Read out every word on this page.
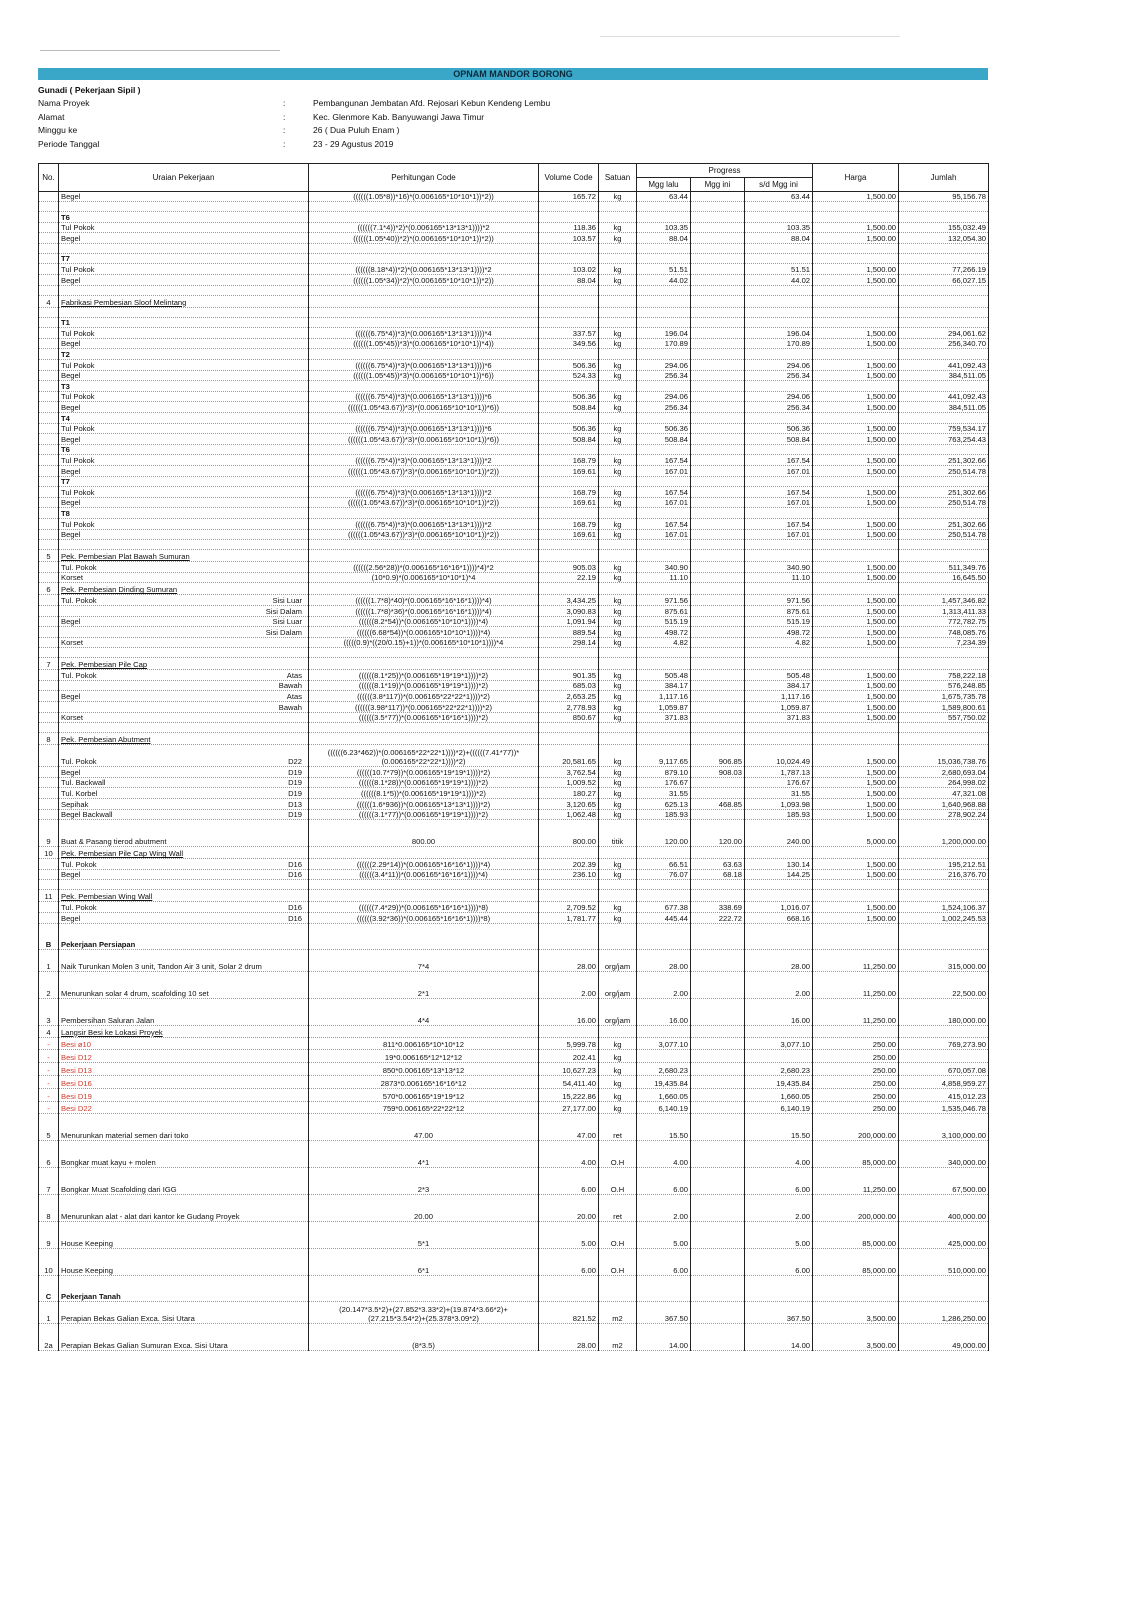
OPNAM MANDOR BORONG
Gunadi ( Pekerjaan Sipil )
Nama Proyek	:	Pembangunan Jembatan Afd. Rejosari Kebun Kendeng Lembu
Alamat	:	Kec. Glenmore Kab. Banyuwangi Jawa Timur
Minggu ke	:	26 ( Dua Puluh Enam )
Periode Tanggal	:	23 - 29 Agustus 2019
No.	Uraian Pekerjaan	Perhitungan Code	Volume Code	Satuan	Progress			Harga	Jumlah
					Mgg lalu	Mgg ini	s/d Mgg ini		

	Begel	((((((1.05*8))*16)*(0.006165*10*10*1))*2))	165.72	kg	63.44		63.44	1,500.00	95,156.78

	T6								

	Tul Pokok	((((((7.1*4))*2)*(0.006165*13*13*1))))*2	118.36	kg	103.35		103.35	1,500.00	155,032.49

	Begel	((((((1.05*40))*2)*(0.006165*10*10*1))*2))	103.57	kg	88.04		88.04	1,500.00	132,054.30

	T7								

	Tul Pokok	((((((8.18*4))*2)*(0.006165*13*13*1))))*2	103.02	kg	51.51		51.51	1,500.00	77,266.19

	Begel	((((((1.05*34))*2)*(0.006165*10*10*1))*2))	88.04	kg	44.02		44.02	1,500.00	66,027.15

4	Fabrikasi Pembesian Sloof Melintang								

	T1								

	Tul Pokok	((((((6.75*4))*3)*(0.006165*13*13*1))))*4	337.57	kg	196.04		196.04	1,500.00	294,061.62

	Begel	((((((1.05*45))*3)*(0.006165*10*10*1))*4))	349.56	kg	170.89		170.89	1,500.00	256,340.70

	T2								

	Tul Pokok	((((((6.75*4))*3)*(0.006165*13*13*1))))*6	506.36	kg	294.06		294.06	1,500.00	441,092.43

	Begel	((((((1.05*45))*3)*(0.006165*10*10*1))*6))	524.33	kg	256.34		256.34	1,500.00	384,511.05

	T3								

	Tul Pokok	((((((6.75*4))*3)*(0.006165*13*13*1))))*6	506.36	kg	294.06		294.06	1,500.00	441,092.43

	Begel	((((((1.05*43.67))*3)*(0.006165*10*10*1))*6))	508.84	kg	256.34		256.34	1,500.00	384,511.05

	T4								

	Tul Pokok	((((((6.75*4))*3)*(0.006165*13*13*1))))*6	506.36	kg	506.36		506.36	1,500.00	759,534.17

	Begel	((((((1.05*43.67))*3)*(0.006165*10*10*1))*6))	508.84	kg	508.84		508.84	1,500.00	763,254.43

	T6								

	Tul Pokok	((((((6.75*4))*3)*(0.006165*13*13*1))))*2	168.79	kg	167.54		167.54	1,500.00	251,302.66

	Begel	((((((1.05*43.67))*3)*(0.006165*10*10*1))*2))	169.61	kg	167.01		167.01	1,500.00	250,514.78

	T7								

	Tul Pokok	((((((6.75*4))*3)*(0.006165*13*13*1))))*2	168.79	kg	167.54		167.54	1,500.00	251,302.66

	Begel	((((((1.05*43.67))*3)*(0.006165*10*10*1))*2))	169.61	kg	167.01		167.01	1,500.00	250,514.78

	T8								

	Tul Pokok	((((((6.75*4))*3)*(0.006165*13*13*1))))*2	168.79	kg	167.54		167.54	1,500.00	251,302.66

	Begel	((((((1.05*43.67))*3)*(0.006165*10*10*1))*2))	169.61	kg	167.01		167.01	1,500.00	250,514.78

5	Pek. Pembesian Plat Bawah Sumuran								

	Tul. Pokok	((((((2.56*28))*(0.006165*16*16*1))))*4)*2	905.03	kg	340.90		340.90	1,500.00	511,349.76

	Korset	(10*0.9)*(0.006165*10*10*1)*4	22.19	kg	11.10		11.10	1,500.00	16,645.50
6	Pek. Pembesian Dinding Sumuran								

	Tul. Pokok Sisi Luar	((((((1.7*8)*40)*(0.006165*16*16*1))))*4)	3,434.25	kg	971.56		971.56	1,500.00	1,457,346.82

	Sisi Dalam	((((((1.7*8)*36)*(0.006165*16*16*1))))*4)	3,090.83	kg	875.61		875.61	1,500.00	1,313,411.33

	Begel Sisi Luar	((((((8.2*54))*(0.006165*10*10*1))))*4)	1,091.94	kg	515.19		515.19	1,500.00	772,782.75

	Sisi Dalam	((((((6.68*54))*(0.006165*10*10*1))))*4)	889.54	kg	498.72		498.72	1,500.00	748,085.76

	Korset	(((((0.9)*((20/0.15)+1))*(0.006165*10*10*1))))*4	298.14	kg	4.82		4.82	1,500.00	7,234.39

7	Pek. Pembesian Pile Cap								

	Tul. Pokok Atas	((((((8.1*25))*(0.006165*19*19*1))))*2)	901.35	kg	505.48		505.48	1,500.00	758,222.18

	Bawah	((((((8.1*19))*(0.006165*19*19*1))))*2)	685.03	kg	384.17		384.17	1,500.00	576,248.85

	Begel Atas	((((((3.8*117))*(0.006165*22*22*1))))*2)	2,653.25	kg	1,117.16		1,117.16	1,500.00	1,675,735.78

	Bawah	((((((3.98*117))*(0.006165*22*22*1))))*2)	2,778.93	kg	1,059.87		1,059.87	1,500.00	1,589,800.61

	Korset	((((((3.5*77))*(0.006165*16*16*1))))*2)	850.67	kg	371.83		371.83	1,500.00	557,750.02

8	Pek. Pembesian Abutment								

	Tul. Pokok D22	((((((6.23*462))*(0.006165*22*22*1))))*2)+((((((7.41*77))*(0.006165*22*22*1))))*2)	20,581.65	kg	9,117.65	906.85	10,024.49	1,500.00	15,036,738.76

	Begel D19	((((((10.7*79))*(0.006165*19*19*1))))*2)	3,762.54	kg	879.10	908.03	1,787.13	1,500.00	2,680,693.04

	Tul. Backwall D19	((((((8.1*28))*(0.006165*19*19*1))))*2)	1,009.52	kg	176.67		176.67	1,500.00	264,998.02

	Tul. Korbel D19	((((((8.1*5))*(0.006165*19*19*1))))*2)	180.27	kg	31.55		31.55	1,500.00	47,321.08

	Sepihak D13	((((((1.6*936))*(0.006165*13*13*1))))*2)	3,120.65	kg	625.13	468.85	1,093.98	1,500.00	1,640,968.88

	Begel Backwall D19	((((((3.1*77))*(0.006165*19*19*1))))*2)	1,062.48	kg	185.93		185.93	1,500.00	278,902.24
9	Buat & Pasang tierod abutment	800.00	800.00	titik	120.00	120.00	240.00	5,000.00	1,200,000.00
10	Pek. Pembesian Pile Cap Wing Wall								

	Tul. Pokok D16	((((((2.29*14))*(0.006165*16*16*1))))*4)	202.39	kg	66.51	63.63	130.14	1,500.00	195,212.51

	Begel D16	((((((3.4*11))*(0.006165*16*16*1))))*4)	236.10	kg	76.07	68.18	144.25	1,500.00	216,376.70

11	Pek. Pembesian Wing Wall								

	Tul. Pokok D16	((((((7.4*29))*(0.006165*16*16*1))))*8)	2,709.52	kg	677.38	338.69	1,016.07	1,500.00	1,524,106.37

	Begel D16	((((((3.92*36))*(0.006165*16*16*1))))*8)	1,781.77	kg	445.44	222.72	668.16	1,500.00	1,002,245.53
B	Pekerjaan Persiapan								

1	Naik Turunkan Molen 3 unit, Tandon Air 3 unit, Solar 2 drum	7*4	28.00	org/jam	28.00		28.00	11,250.00	315,000.00
2	Menurunkan solar 4 drum, scafolding 10 set	2*1	2.00	org/jam	2.00		2.00	11,250.00	22,500.00
3	Pembersihan Saluran Jalan	4*4	16.00	org/jam	16.00		16.00	11,250.00	180,000.00
4	Langsir Besi ke Lokasi Proyek								

-	Besi ø10	811*0.006165*10*10*12	5,999.78	kg	3,077.10		3,077.10	250.00	769,273.90
-	Besi D12	19*0.006165*12*12*12	202.41	kg				250.00	
-	Besi D13	850*0.006165*13*13*12	10,627.23	kg	2,680.23		2,680.23	250.00	670,057.08
-	Besi D16	2873*0.006165*16*16*12	54,411.40	kg	19,435.84		19,435.84	250.00	4,858,959.27
-	Besi D19	570*0.006165*19*19*12	15,222.86	kg	1,660.05		1,660.05	250.00	415,012.23
-	Besi D22	759*0.006165*22*22*12	27,177.00	kg	6,140.19		6,140.19	250.00	1,535,046.78
5	Menurunkan material semen dari toko	47.00	47.00	ret	15.50		15.50	200,000.00	3,100,000.00
6	Bongkar muat kayu + molen	4*1	4.00	O.H	4.00		4.00	85,000.00	340,000.00
7	Bongkar Muat Scafolding dari IGG	2*3	6.00	O.H	6.00		6.00	11,250.00	67,500.00
8	Menurunkan alat - alat dari kantor ke Gudang Proyek	20.00	20.00	ret	2.00		2.00	200,000.00	400,000.00
9	House Keeping	5*1	5.00	O.H	5.00		5.00	85,000.00	425,000.00
10	House Keeping	6*1	6.00	O.H	6.00		6.00	85,000.00	510,000.00
C	Pekerjaan Tanah								

1	Perapian Bekas Galian Exca. Sisi Utara	(20.147*3.5*2)+(27.852*3.33*2)+(19.874*3.66*2)+(27.215*3.54*2)+(25.378*3.09*2)	821.52	m2	367.50		367.50	3,500.00	1,286,250.00
2a	Perapian Bekas Galian Sumuran Exca. Sisi Utara	(8*3.5)	28.00	m2	14.00		14.00	3,500.00	49,000.00
